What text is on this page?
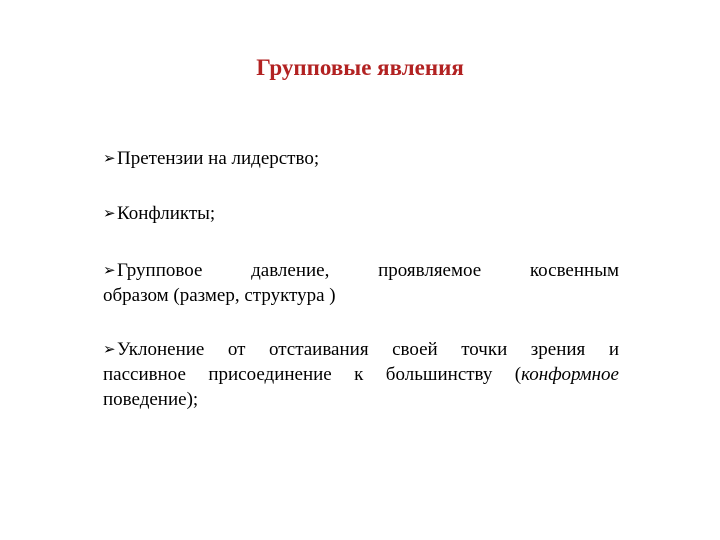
Групповые явления

➢Претензии на лидерство;

➢Конфликты;

➢Групповое давление, проявляемое косвенным
образом (размер, структура )

➢Уклонение от отстаивания своей точки зрения и
пассивное присоединение к большинству (конформное
поведение);
